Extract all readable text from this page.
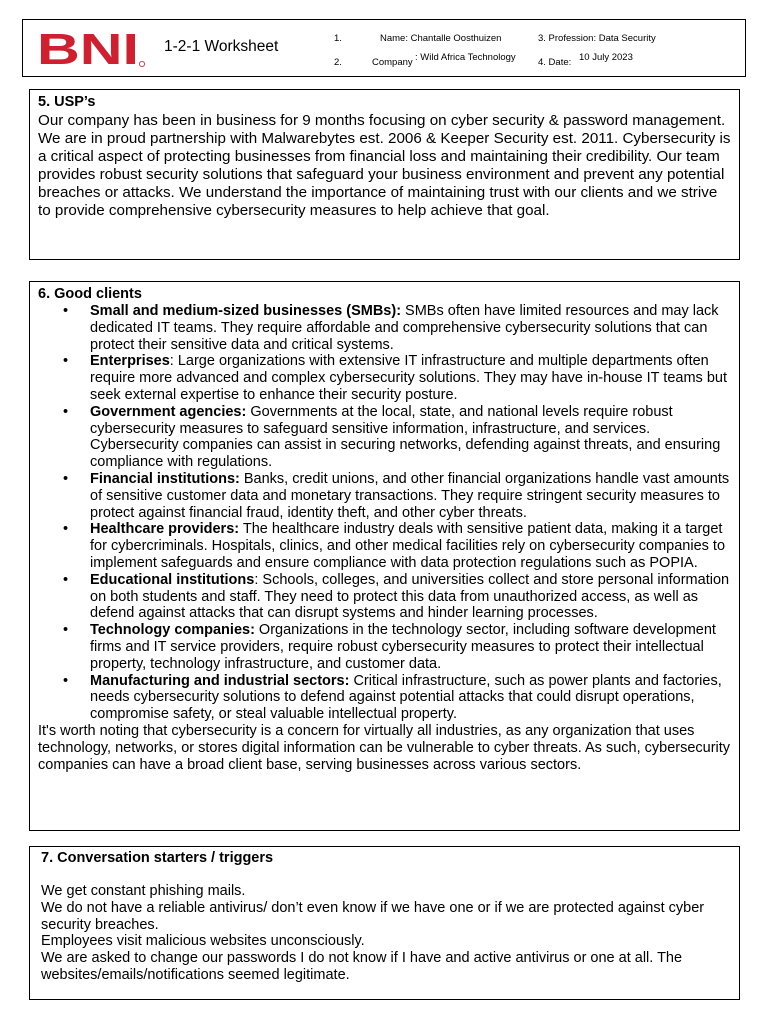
BNI 1-2-1 Worksheet	1.	Name: Chantalle Oosthuizen	3. Profession: Data Security
2.	Company : Wild Africa Technology 4. Date: 10 July 2023
5. USP’s

Our company has been in business for 9 months focusing on cyber security & password management. We are in proud partnership with Malwarebytes est. 2006 & Keeper Security est. 2011. Cybersecurity is a critical aspect of protecting businesses from financial loss and maintaining their credibility. Our team provides robust security solutions that safeguard your business environment and prevent any potential breaches or attacks. We understand the importance of maintaining trust with our clients and we strive to provide comprehensive cybersecurity measures to help achieve that goal.

6. Good clients
• Small and medium-sized businesses (SMBs): SMBs often have limited resources and may lack dedicated IT teams. They require affordable and comprehensive cybersecurity solutions that can protect their sensitive data and critical systems.
• Enterprises: Large organizations with extensive IT infrastructure and multiple departments often require more advanced and complex cybersecurity solutions. They may have in-house IT teams but seek external expertise to enhance their security posture.
• Government agencies: Governments at the local, state, and national levels require robust cybersecurity measures to safeguard sensitive information, infrastructure, and services. Cybersecurity companies can assist in securing networks, defending against threats, and ensuring compliance with regulations.
• Financial institutions: Banks, credit unions, and other financial organizations handle vast amounts of sensitive customer data and monetary transactions. They require stringent security measures to protect against financial fraud, identity theft, and other cyber threats.
• Healthcare providers: The healthcare industry deals with sensitive patient data, making it a target for cybercriminals. Hospitals, clinics, and other medical facilities rely on cybersecurity companies to implement safeguards and ensure compliance with data protection regulations such as POPIA.
• Educational institutions: Schools, colleges, and universities collect and store personal information on both students and staff. They need to protect this data from unauthorized access, as well as defend against attacks that can disrupt systems and hinder learning processes.
• Technology companies: Organizations in the technology sector, including software development firms and IT service providers, require robust cybersecurity measures to protect their intellectual property, technology infrastructure, and customer data.
• Manufacturing and industrial sectors: Critical infrastructure, such as power plants and factories, needs cybersecurity solutions to defend against potential attacks that could disrupt operations, compromise safety, or steal valuable intellectual property.

It's worth noting that cybersecurity is a concern for virtually all industries, as any organization that uses technology, networks, or stores digital information can be vulnerable to cyber threats. As such, cybersecurity companies can have a broad client base, serving businesses across various sectors.

7. Conversation starters / triggers

We get constant phishing mails.

We do not have a reliable antivirus/ don’t even know if we have one or if we are protected against cyber security breaches.

Employees visit malicious websites unconsciously.

We are asked to change our passwords I do not know if I have and active antivirus or one at all. The websites/emails/notifications seemed legitimate.
